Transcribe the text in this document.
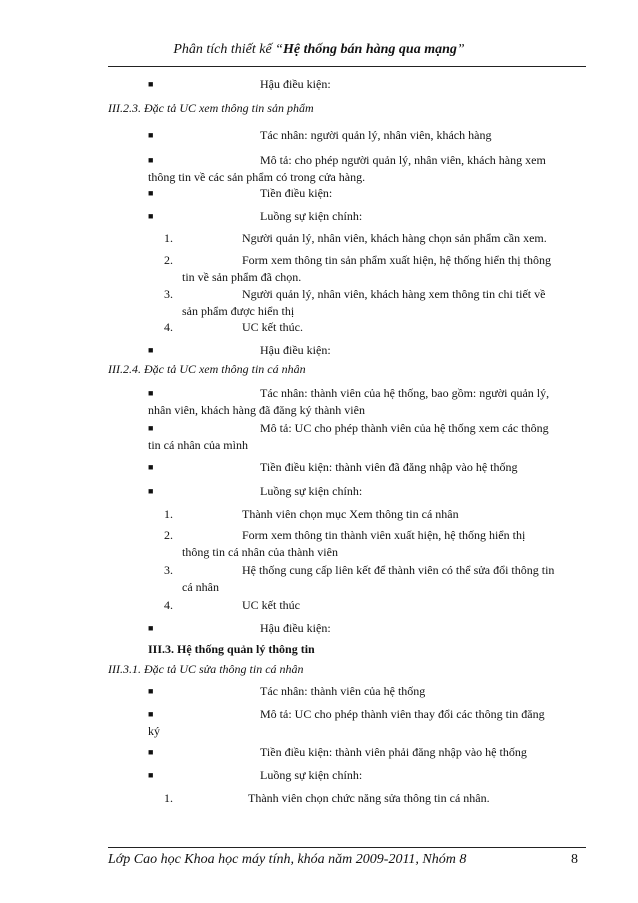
Phân tích thiết kế “Hệ thống bán hàng qua mạng”
■	Hậu điều kiện:
III.2.3. Đặc tả UC xem thông tin sản phẩm
■	Tác nhân: người quản lý, nhân viên, khách hàng
■	Mô tả: cho phép người quản lý, nhân viên, khách hàng xem
thông tin về các sản phẩm có trong cửa hàng.
■	Tiền điều kiện:
■	Luồng sự kiện chính:
1.	Người quản lý, nhân viên, khách hàng chọn sản phẩm cần xem.
2.	Form xem thông tin sản phẩm xuất hiện, hệ thống hiển thị thông
tin về sản phẩm đã chọn.
3.	Người quản lý, nhân viên, khách hàng xem thông tin chi tiết về
sản phẩm được hiển thị
4.	UC kết thúc.
■	Hậu điều kiện:
III.2.4. Đặc tả UC xem thông tin cá nhân
■	Tác nhân: thành viên của hệ thống, bao gồm: người quản lý,
nhân viên, khách hàng đã đăng ký thành viên
■	Mô tả: UC cho phép thành viên của hệ thống xem các thông
tin cá nhân của mình
■	Tiền điều kiện: thành viên đã đăng nhập vào hệ thống
■	Luồng sự kiện chính:
1.	Thành viên chọn mục Xem thông tin cá nhân
2.	Form xem thông tin thành viên xuất hiện, hệ thống hiển thị
thông tin cá nhân của thành viên
3.	Hệ thống cung cấp liên kết để thành viên có thể sửa đổi thông tin
cá nhân
4.	UC kết thúc
■	Hậu điều kiện:
III.3. Hệ thống quản lý thông tin
III.3.1. Đặc tả UC sửa thông tin cá nhân
■	Tác nhân: thành viên của hệ thống
■	Mô tả: UC cho phép thành viên thay đổi các thông tin đăng
ký
■	Tiền điều kiện: thành viên phải đăng nhập vào hệ thống
■	Luồng sự kiện chính:
1.	Thành viên chọn chức năng sửa thông tin cá nhân.
Lớp Cao học Khoa học máy tính, khóa năm 2009-2011, Nhóm 8	8
